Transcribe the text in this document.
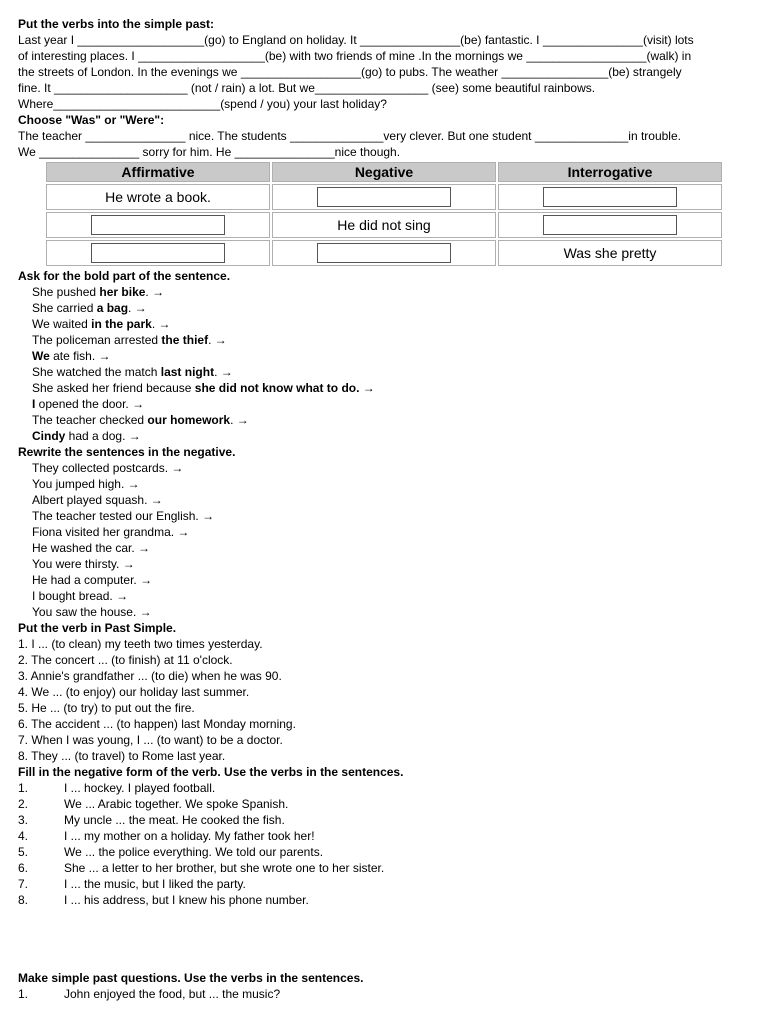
Put the verbs into the simple past:
Last year I ___________________(go) to England on holiday. It _______________(be) fantastic. I _______________(visit) lots
of interesting places. I ___________________(be) with two friends of mine .In the mornings we __________________(walk) in
the streets of London. In the evenings we __________________(go) to pubs. The weather ________________(be) strangely
fine. It ____________________ (not / rain) a lot. But we_________________ (see) some beautiful rainbows.
Where_________________________(spend / you) your last holiday?
Choose "Was" or "Were":
The teacher _______________ nice. The students ______________very clever. But one student ______________in trouble.
We _______________ sorry for him. He _______________nice though.
Affirmative	Negative	Interrogative
He wrote a book.		
	He did not sing	
		Was she pretty
Ask for the bold part of the sentence.
She pushed her bike. →
She carried a bag. →
We waited in the park. →
The policeman arrested the thief. →
We ate fish. →
She watched the match last night. →
She asked her friend because she did not know what to do. →
I opened the door. →
The teacher checked our homework. →
Cindy had a dog. →
Rewrite the sentences in the negative.
They collected postcards. →
You jumped high. →
Albert played squash. →
The teacher tested our English. →
Fiona visited her grandma. →
He washed the car. →
You were thirsty. →
He had a computer. →
I bought bread. →
You saw the house. →
Put the verb in Past Simple.
1. I ... (to clean) my teeth two times yesterday.
2. The concert ... (to finish) at 11 o'clock.
3. Annie's grandfather ... (to die) when he was 90.
4. We ... (to enjoy) our holiday last summer.
5. He ... (to try) to put out the fire.
6. The accident ... (to happen) last Monday morning.
7. When I was young, I ... (to want) to be a doctor.
8. They ... (to travel) to Rome last year.
Fill in the negative form of the verb. Use the verbs in the sentences.
1.	I ... hockey. I played football.
2.	We ... Arabic together. We spoke Spanish.
3.	My uncle ... the meat. He cooked the fish.
4.	I ... my mother on a holiday. My father took her!
5.	We ... the police everything. We told our parents.
6.	She ... a letter to her brother, but she wrote one to her sister.
7.	I ... the music, but I liked the party.
8.	I ... his address, but I knew his phone number.
Make simple past questions. Use the verbs in the sentences.
1.	John enjoyed the food, but ... the music?
